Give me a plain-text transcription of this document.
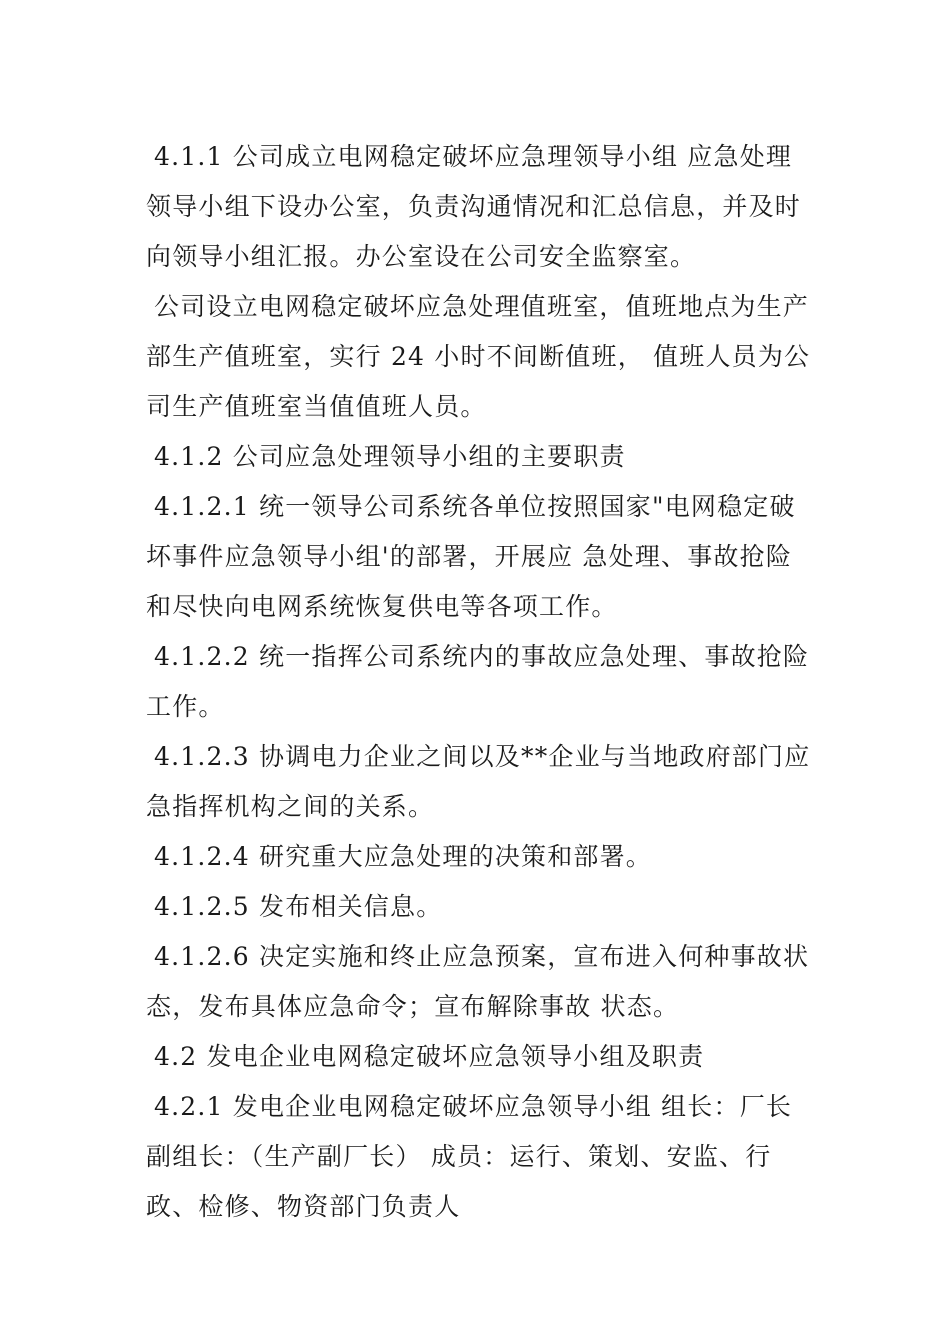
4.1.1 公司成立电网稳定破坏应急理领导小组 应急处理领导小组下设办公室，负责沟通情况和汇总信息，并及时向领导小组汇报。办公室设在公司安全监察室。

公司设立电网稳定破坏应急处理值班室，值班地点为生产部生产值班室，实行 24 小时不间断值班， 值班人员为公司生产值班室当值值班人员。

4.1.2 公司应急处理领导小组的主要职责

4.1.2.1 统一领导公司系统各单位按照国家"电网稳定破坏事件应急领导小组'的部署，开展应 急处理、事故抢险和尽快向电网系统恢复供电等各项工作。

4.1.2.2 统一指挥公司系统内的事故应急处理、事故抢险工作。

4.1.2.3 协调电力企业之间以及**企业与当地政府部门应急指挥机构之间的关系。

4.1.2.4 研究重大应急处理的决策和部署。

4.1.2.5 发布相关信息。

4.1.2.6 决定实施和终止应急预案，宣布进入何种事故状态，发布具体应急命令；宣布解除事故 状态。

4.2 发电企业电网稳定破坏应急领导小组及职责

4.2.1 发电企业电网稳定破坏应急领导小组 组长：厂长副组长：（生产副厂长） 成员：运行、策划、安监、行政、检修、物资部门负责人
